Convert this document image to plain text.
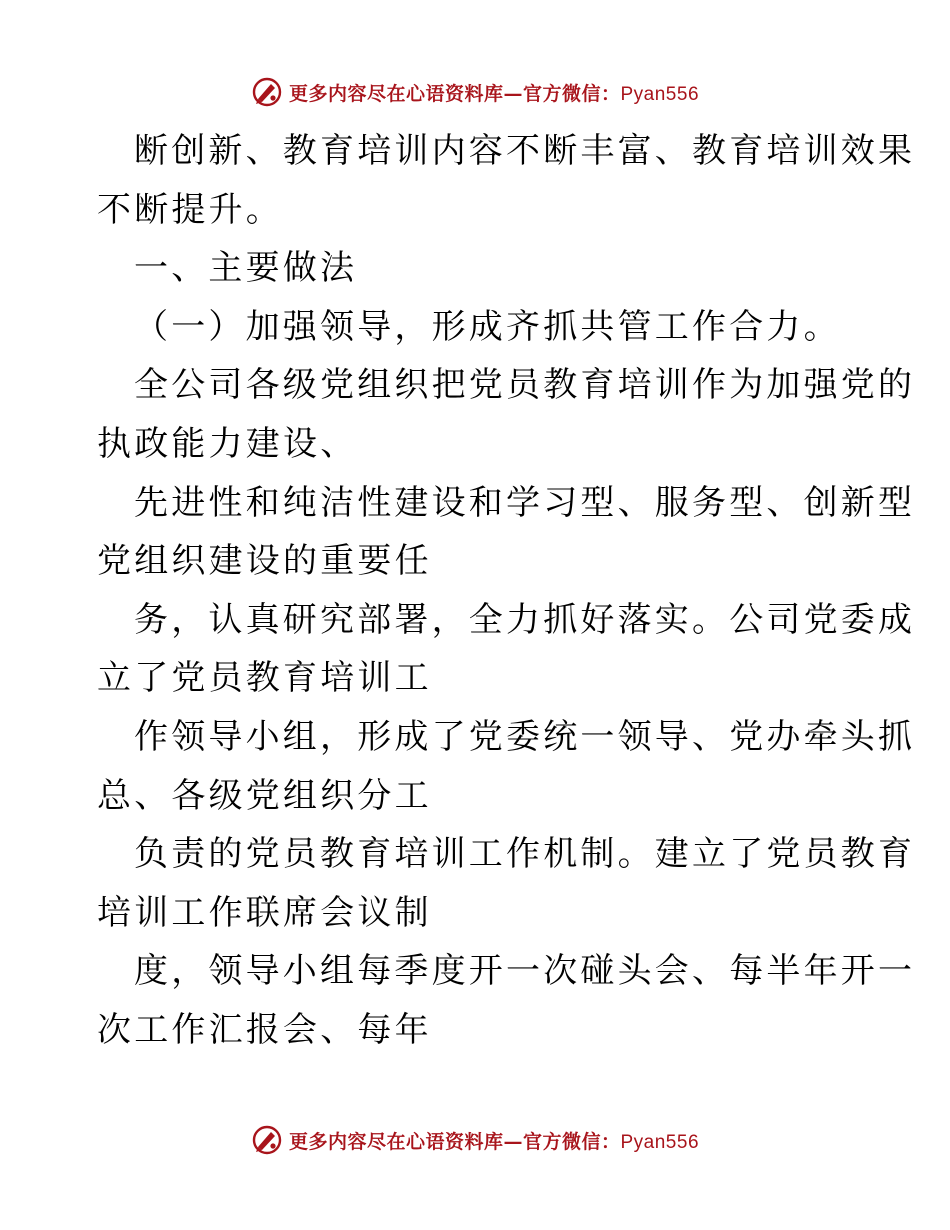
更多内容尽在心语资料库—官方微信：Pyan556
断创新、教育培训内容不断丰富、教育培训效果
不断提升。
一、主要做法
（一）加强领导，形成齐抓共管工作合力。
全公司各级党组织把党员教育培训作为加强党的
执政能力建设、
先进性和纯洁性建设和学习型、服务型、创新型
党组织建设的重要任
务，认真研究部署，全力抓好落实。公司党委成
立了党员教育培训工
作领导小组，形成了党委统一领导、党办牵头抓
总、各级党组织分工
负责的党员教育培训工作机制。建立了党员教育
培训工作联席会议制
度，领导小组每季度开一次碰头会、每半年开一
次工作汇报会、每年
更多内容尽在心语资料库—官方微信：Pyan556
